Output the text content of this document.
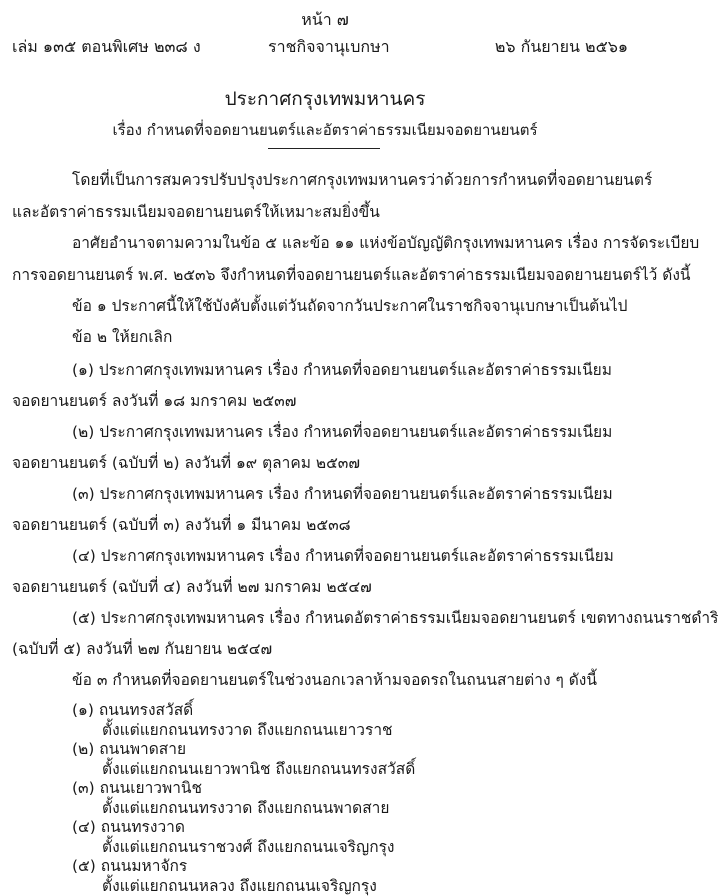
หน้า ๗
เล่ม ๑๓๕ ตอนพิเศษ ๒๓๘ ง	ราชกิจจานุเบกษา	๒๖ กันยายน ๒๕๖๑
ประกาศกรุงเทพมหานคร
เรื่อง กำหนดที่จอดยานยนตร์และอัตราค่าธรรมเนียมจอดยานยนตร์
โดยที่เป็นการสมควรปรับปรุงประกาศกรุงเทพมหานครว่าด้วยการกำหนดที่จอดยานยนตร์
และอัตราค่าธรรมเนียมจอดยานยนตร์ให้เหมาะสมยิ่งขึ้น
อาศัยอำนาจตามความในข้อ ๕ และข้อ ๑๑ แห่งข้อบัญญัติกรุงเทพมหานคร เรื่อง การจัดระเบียบ
การจอดยานยนตร์ พ.ศ. ๒๕๓๖ จึงกำหนดที่จอดยานยนตร์และอัตราค่าธรรมเนียมจอดยานยนตร์ไว้ ดังนี้
ข้อ ๑ ประกาศนี้ให้ใช้บังคับตั้งแต่วันถัดจากวันประกาศในราชกิจจานุเบกษาเป็นต้นไป
ข้อ ๒ ให้ยกเลิก
(๑) ประกาศกรุงเทพมหานคร เรื่อง กำหนดที่จอดยานยนตร์และอัตราค่าธรรมเนียม
จอดยานยนตร์ ลงวันที่ ๑๘ มกราคม ๒๕๓๗
(๒) ประกาศกรุงเทพมหานคร เรื่อง กำหนดที่จอดยานยนตร์และอัตราค่าธรรมเนียม
จอดยานยนตร์ (ฉบับที่ ๒) ลงวันที่ ๑๙ ตุลาคม ๒๕๓๗
(๓) ประกาศกรุงเทพมหานคร เรื่อง กำหนดที่จอดยานยนตร์และอัตราค่าธรรมเนียม
จอดยานยนตร์ (ฉบับที่ ๓) ลงวันที่ ๑ มีนาคม ๒๕๓๘
(๔) ประกาศกรุงเทพมหานคร เรื่อง กำหนดที่จอดยานยนตร์และอัตราค่าธรรมเนียม
จอดยานยนตร์ (ฉบับที่ ๔) ลงวันที่ ๒๗ มกราคม ๒๕๔๗
(๕) ประกาศกรุงเทพมหานคร เรื่อง กำหนดอัตราค่าธรรมเนียมจอดยานยนตร์ เขตทางถนนราชดำริ
(ฉบับที่ ๕) ลงวันที่ ๒๗ กันยายน ๒๕๔๗
ข้อ ๓ กำหนดที่จอดยานยนตร์ในช่วงนอกเวลาห้ามจอดรถในถนนสายต่าง ๆ ดังนี้
(๑) ถนนทรงสวัสดิ์
ตั้งแต่แยกถนนทรงวาด ถึงแยกถนนเยาวราช
(๒) ถนนพาดสาย
ตั้งแต่แยกถนนเยาวพานิช ถึงแยกถนนทรงสวัสดิ์
(๓) ถนนเยาวพานิช
ตั้งแต่แยกถนนทรงวาด ถึงแยกถนนพาดสาย
(๔) ถนนทรงวาด
ตั้งแต่แยกถนนราชวงศ์ ถึงแยกถนนเจริญกรุง
(๕) ถนนมหาจักร
ตั้งแต่แยกถนนหลวง ถึงแยกถนนเจริญกรุง
